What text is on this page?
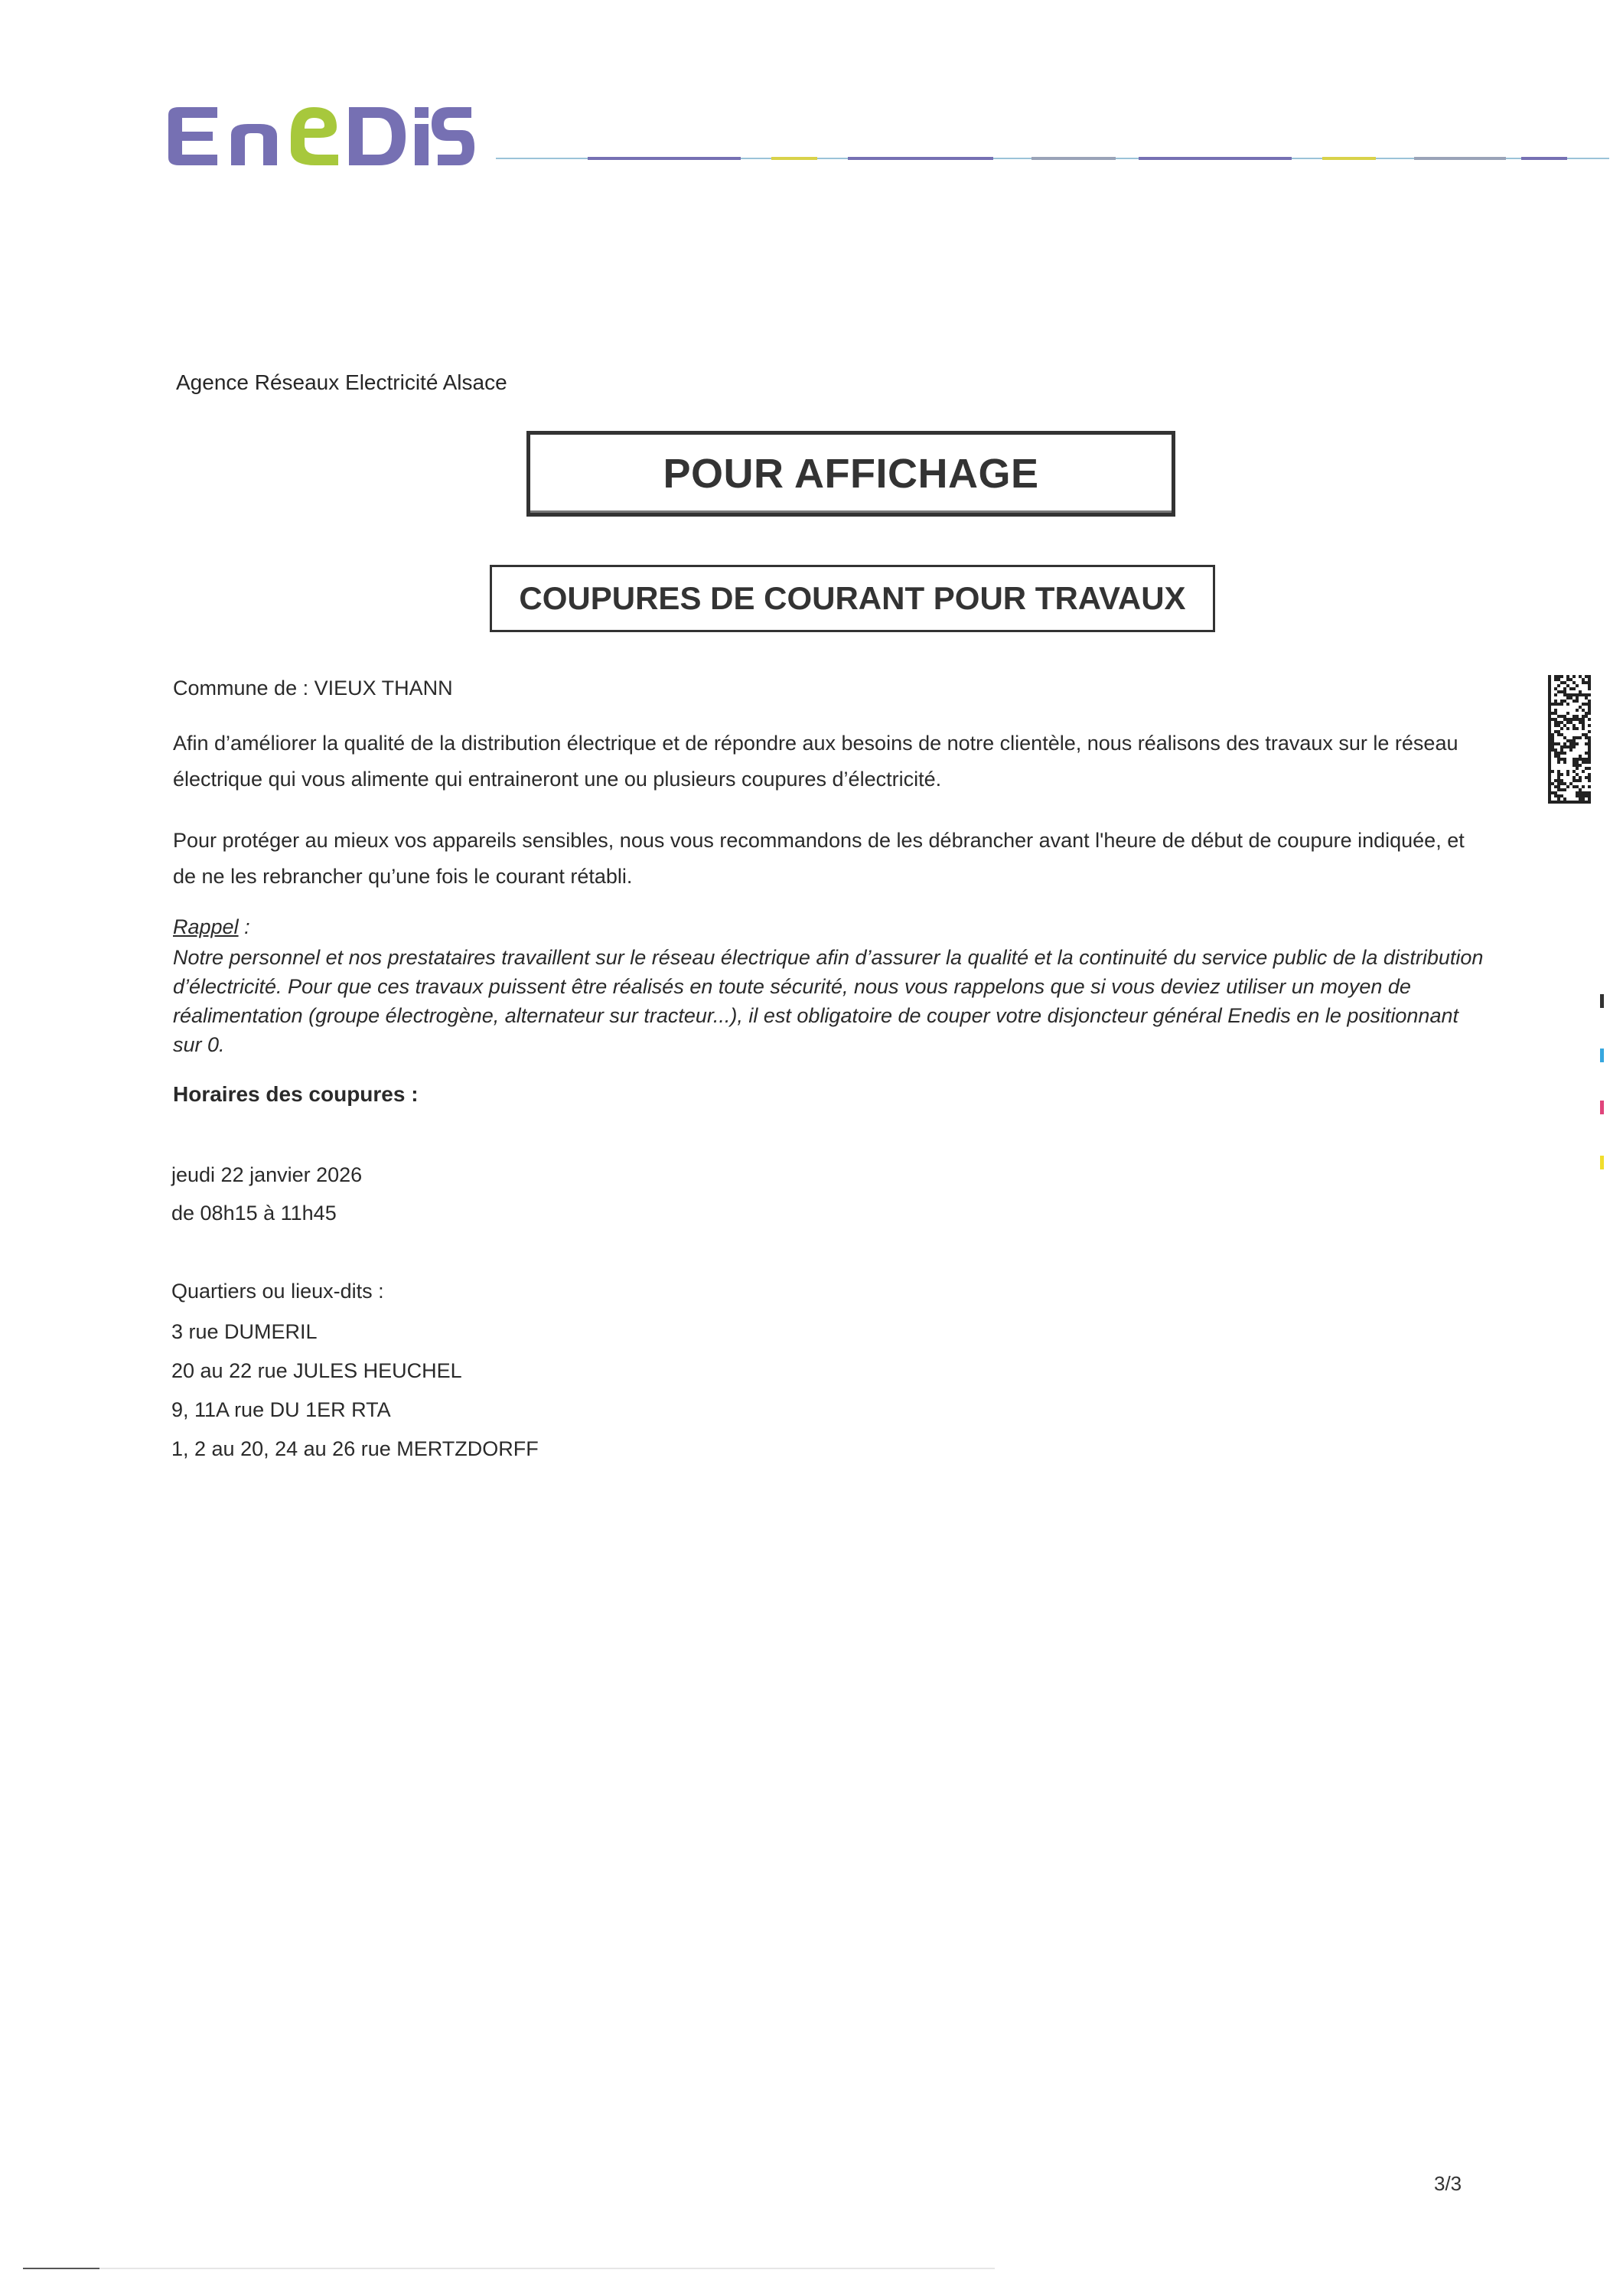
Agence Réseaux Electricité Alsace
POUR AFFICHAGE
COUPURES DE COURANT POUR TRAVAUX
Commune de : VIEUX THANN
Afin d’améliorer la qualité de la distribution électrique et de répondre aux besoins de notre clientèle, nous réalisons des travaux sur le réseau électrique qui vous alimente qui entraineront une ou plusieurs coupures d’électricité.
Pour protéger au mieux vos appareils sensibles, nous vous recommandons de les débrancher avant l'heure de début de coupure indiquée, et de ne les rebrancher qu’une fois le courant rétabli.
Rappel :
Notre personnel et nos prestataires travaillent sur le réseau électrique afin d’assurer la qualité et la continuité du service public de la distribution d’électricité. Pour que ces travaux puissent être réalisés en toute sécurité, nous vous rappelons que si vous deviez utiliser un moyen de réalimentation (groupe électrogène, alternateur sur tracteur...), il est obligatoire de couper votre disjoncteur général Enedis en le positionnant sur 0.
Horaires des coupures :
jeudi 22 janvier 2026
de 08h15 à 11h45
Quartiers ou lieux-dits :
3 rue DUMERIL
20 au 22 rue JULES HEUCHEL
9, 11A rue DU 1ER RTA
1, 2 au 20, 24 au 26 rue MERTZDORFF
3/3
